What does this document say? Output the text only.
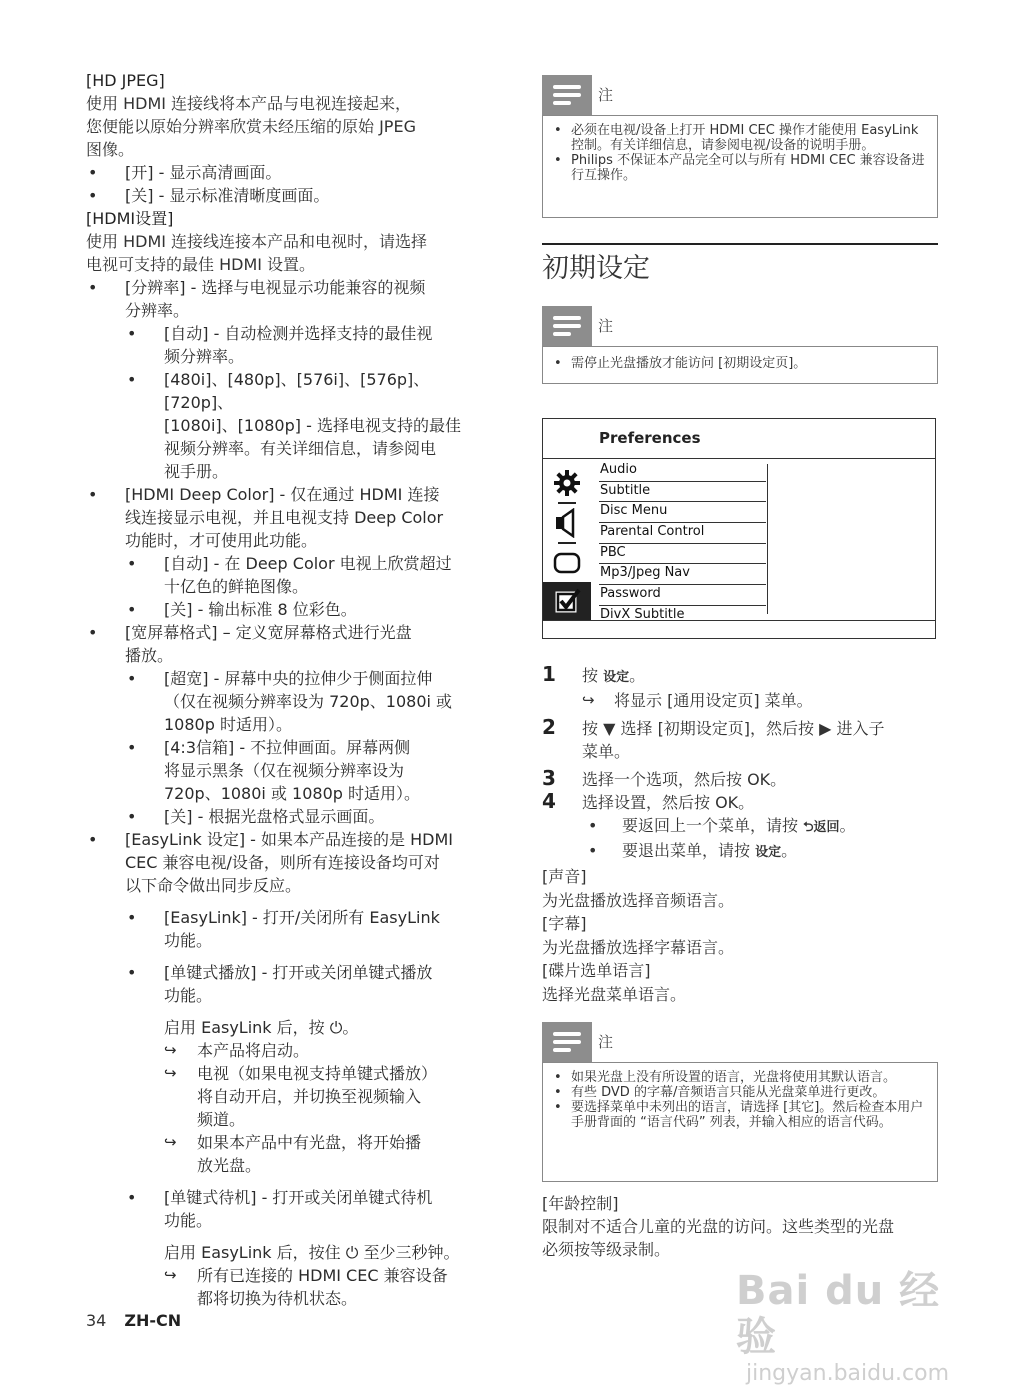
[HD JPEG]
使用 HDMI 连接线将本产品与电视连接起来，
您便能以原始分辨率欣赏未经压缩的原始 JPEG
图像。
• [开] - 显示高清画面。
• [关] - 显示标准清晰度画面。
[HDMI设置]
使用 HDMI 连接线连接本产品和电视时，请选择
电视可支持的最佳 HDMI 设置。
• [分辨率] - 选择与电视显示功能兼容的视频
分辨率。
• [自动] - 自动检测并选择支持的最佳视
频分辨率。
• [480i]、[480p]、[576i]、[576p]、[720p]、
[1080i]、[1080p] - 选择电视支持的最佳
视频分辨率。有关详细信息，请参阅电
视手册。
• [HDMI Deep Color] - 仅在通过 HDMI 连接
线连接显示电视，并且电视支持 Deep Color
功能时，才可使用此功能。
• [自动] - 在 Deep Color 电视上欣赏超过
十亿色的鲜艳图像。
• [关] - 输出标准 8 位彩色。
• [宽屏幕格式] – 定义宽屏幕格式进行光盘
播放。
• [超宽] - 屏幕中央的拉伸少于侧面拉伸
（仅在视频分辨率设为 720p、1080i 或
1080p 时适用）。
• [4:3信箱] - 不拉伸画面。屏幕两侧
将显示黑条（仅在视频分辨率设为
720p、1080i 或 1080p 时适用）。
• [关] - 根据光盘格式显示画面。
• [EasyLink 设定] - 如果本产品连接的是 HDMI
CEC 兼容电视/设备，则所有连接设备均可对
以下命令做出同步反应。
• [EasyLink] - 打开/关闭所有 EasyLink
功能。
• [单键式播放] - 打开或关闭单键式播放
功能。
启用 EasyLink 后，按 ⏻。
↪ 本产品将启动。
↪ 电视（如果电视支持单键式播放）
将自动开启，并切换至视频输入
频道。
↪ 如果本产品中有光盘，将开始播
放光盘。
• [单键式待机] - 打开或关闭单键式待机
功能。
启用 EasyLink 后，按住 ⏻ 至少三秒钟。
↪ 所有已连接的 HDMI CEC 兼容设备
都将切换为待机状态。
34 ZH-CN
注
• 必须在电视/设备上打开 HDMI CEC 操作才能使用 EasyLink 控制。有关详细信息，请参阅电视/设备的说明手册。
• Philips 不保证本产品完全可以与所有 HDMI CEC 兼容设备进行互操作。
初期设定
注
• 需停止光盘播放才能访问 [初期设定页]。
Preferences
Audio
Subtitle
Disc Menu
Parental Control
PBC
Mp3/Jpeg Nav
Password
DivX Subtitle
1 按 设定。
↪ 将显示 [通用设定页] 菜单。
2 按 ▼ 选择 [初期设定页]，然后按 ▶ 进入子
菜单。
3 选择一个选项，然后按 OK。
4 选择设置，然后按 OK。
• 要返回上一个菜单，请按 ⮌返回。
• 要退出菜单，请按 设定。
[声音]
为光盘播放选择音频语言。
[字幕]
为光盘播放选择字幕语言。
[碟片选单语言]
选择光盘菜单语言。
注
• 如果光盘上没有所设置的语言，光盘将使用其默认语言。
• 有些 DVD 的字幕/音频语言只能从光盘菜单进行更改。
• 要选择菜单中未列出的语言，请选择 [其它]。然后检查本用户手册背面的 “语言代码” 列表，并输入相应的语言代码。
[年龄控制]
限制对不适合儿童的光盘的访问。这些类型的光盘
必须按等级录制。
Bai du 经验
jingyan.baidu.com
